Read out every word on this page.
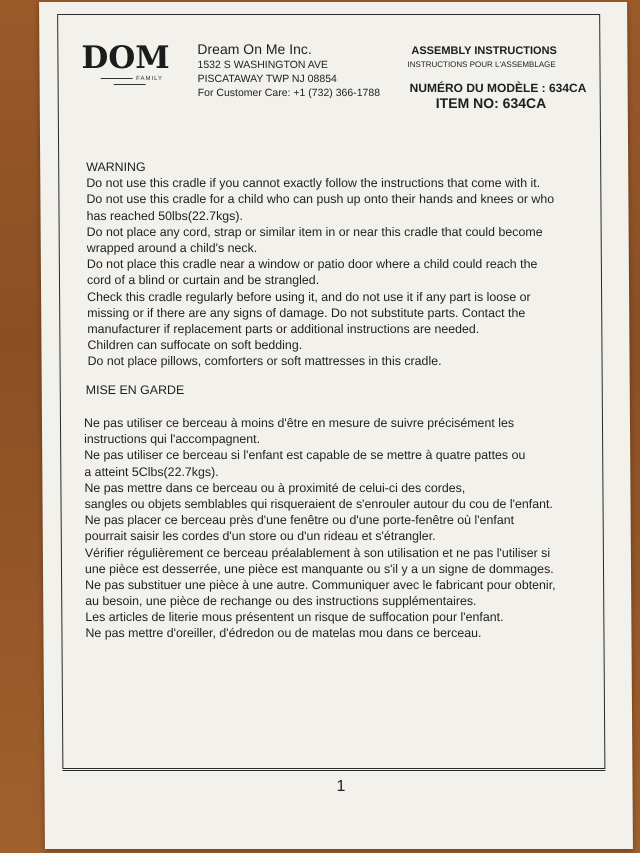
DOM
FAMILY
Dream On Me Inc.
1532 S WASHINGTON AVE
PISCATAWAY TWP NJ 08854
For Customer Care: +1 (732) 366-1788
ASSEMBLY INSTRUCTIONS
INSTRUCTIONS POUR L'ASSEMBLAGE
NUMÉRO DU MODÈLE : 634CA
ITEM NO: 634CA
WARNING
Do not use this cradle if you cannot exactly follow the instructions that come with it.
Do not use this cradle for a child who can push up onto their hands and knees or who
has reached 50lbs(22.7kgs).
Do not place any cord, strap or similar item in or near this cradle that could become
wrapped around a child's neck.
Do not place this cradle near a window or patio door where a child could reach the
cord of a blind or curtain and be strangled.
Check this cradle regularly before using it, and do not use it if any part is loose or
missing or if there are any signs of damage. Do not substitute parts. Contact the
manufacturer if replacement parts or additional instructions are needed.
Children can suffocate on soft bedding.
Do not place pillows, comforters or soft mattresses in this cradle.
MISE EN GARDE
Ne pas utiliser ce berceau à moins d'être en mesure de suivre précisément les
instructions qui l'accompagnent.
Ne pas utiliser ce berceau si l'enfant est capable de se mettre à quatre pattes ou
a atteint 5Clbs(22.7kgs).
Ne pas mettre dans ce berceau ou à proximité de celui-ci des cordes,
sangles ou objets semblables qui risqueraient de s'enrouler autour du cou de l'enfant.
Ne pas placer ce berceau près d'une fenêtre ou d'une porte-fenêtre où l'enfant
pourrait saisir les cordes d'un store ou d'un rideau et s'étrangler.
Vérifier régulièrement ce berceau préalablement à son utilisation et ne pas l'utiliser si
une pièce est desserrée, une pièce est manquante ou s'il y a un signe de dommages.
Ne pas substituer une pièce à une autre. Communiquer avec le fabricant pour obtenir,
au besoin, une pièce de rechange ou des instructions supplémentaires.
Les articles de literie mous présentent un risque de suffocation pour l'enfant.
Ne pas mettre d'oreiller, d'édredon ou de matelas mou dans ce berceau.
1
